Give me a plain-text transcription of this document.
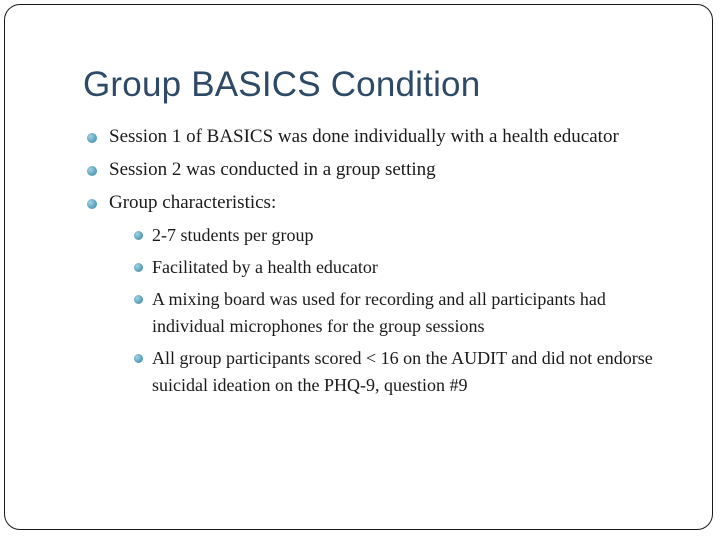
Group BASICS Condition
Session 1 of BASICS was done individually with a health educator
Session 2 was conducted in a group setting
Group characteristics:
2-7 students per group
Facilitated by a health educator
A mixing board was used for recording and all participants had individual microphones for the group sessions
All group participants scored < 16 on the AUDIT and did not endorse suicidal ideation on the PHQ-9, question #9
